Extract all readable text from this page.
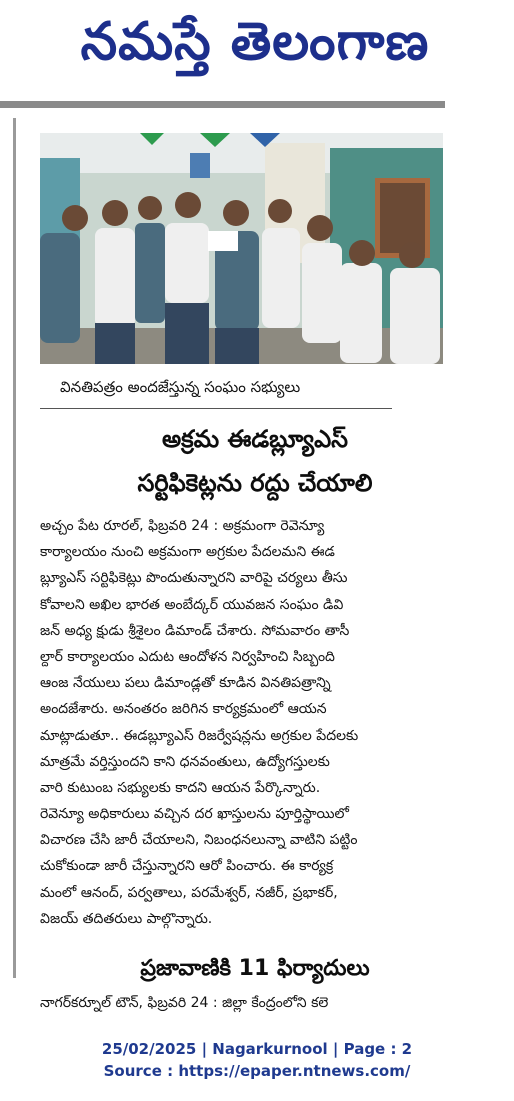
నమస్తే తెలంగాణ
వినతిపత్రం అందజేస్తున్న సంఘం సభ్యులు
అక్రమ ఈడబ్ల్యూఎస్
సర్టిఫికెట్లను రద్దు చేయాలి
అచ్చం పేట రూరల్, ఫిబ్రవరి 24 : అక్రమంగా రెవెన్యూ
కార్యాలయం నుంచి అక్రమంగా అగ్రకుల పేదలమని ఈడ
బ్ల్యూఎస్ సర్టిఫికెట్లు పొందుతున్నారని వారిపై చర్యలు తీసు
కోవాలని అఖిల భారత అంబేద్కర్ యువజన సంఘం డివి
జన్ అధ్య క్షుడు శ్రీశైలం డిమాండ్ చేశారు. సోమవారం తాసీ
ల్దార్ కార్యాలయం ఎదుట ఆందోళన నిర్వహించి సిబ్బంది
ఆంజ నేయులు పలు డిమాండ్లతో కూడిన వినతిపత్రాన్ని
అందజేశారు. అనంతరం జరిగిన కార్యక్రమంలో ఆయన
మాట్లాడుతూ.. ఈడబ్ల్యూఎస్ రిజర్వేషన్లను అగ్రకుల పేదలకు
మాత్రమే వర్తిస్తుందని కాని ధనవంతులు, ఉద్యోగస్తులకు
వారి కుటుంబ సభ్యులకు కాదని ఆయన పేర్కొన్నారు.
రెవెన్యూ అధికారులు వచ్చిన దర ఖాస్తులను పూర్తిస్థాయిలో
విచారణ చేసి జారీ చేయాలని, నిబంధనలున్నా వాటిని పట్టిం
చుకోకుండా జారీ చేస్తున్నారని ఆరో పించారు. ఈ కార్యక్ర
మంలో ఆనంద్, పర్వతాలు, పరమేశ్వర్, నజీర్, ప్రభాకర్,
విజయ్ తదితరులు పాల్గొన్నారు.
ప్రజావాణికి 11 ఫిర్యాదులు
నాగర్‌కర్నూల్ టౌన్, ఫిబ్రవరి 24 : జిల్లా కేంద్రంలోని కలె
25/02/2025 | Nagarkurnool | Page : 2
Source : https://epaper.ntnews.com/
